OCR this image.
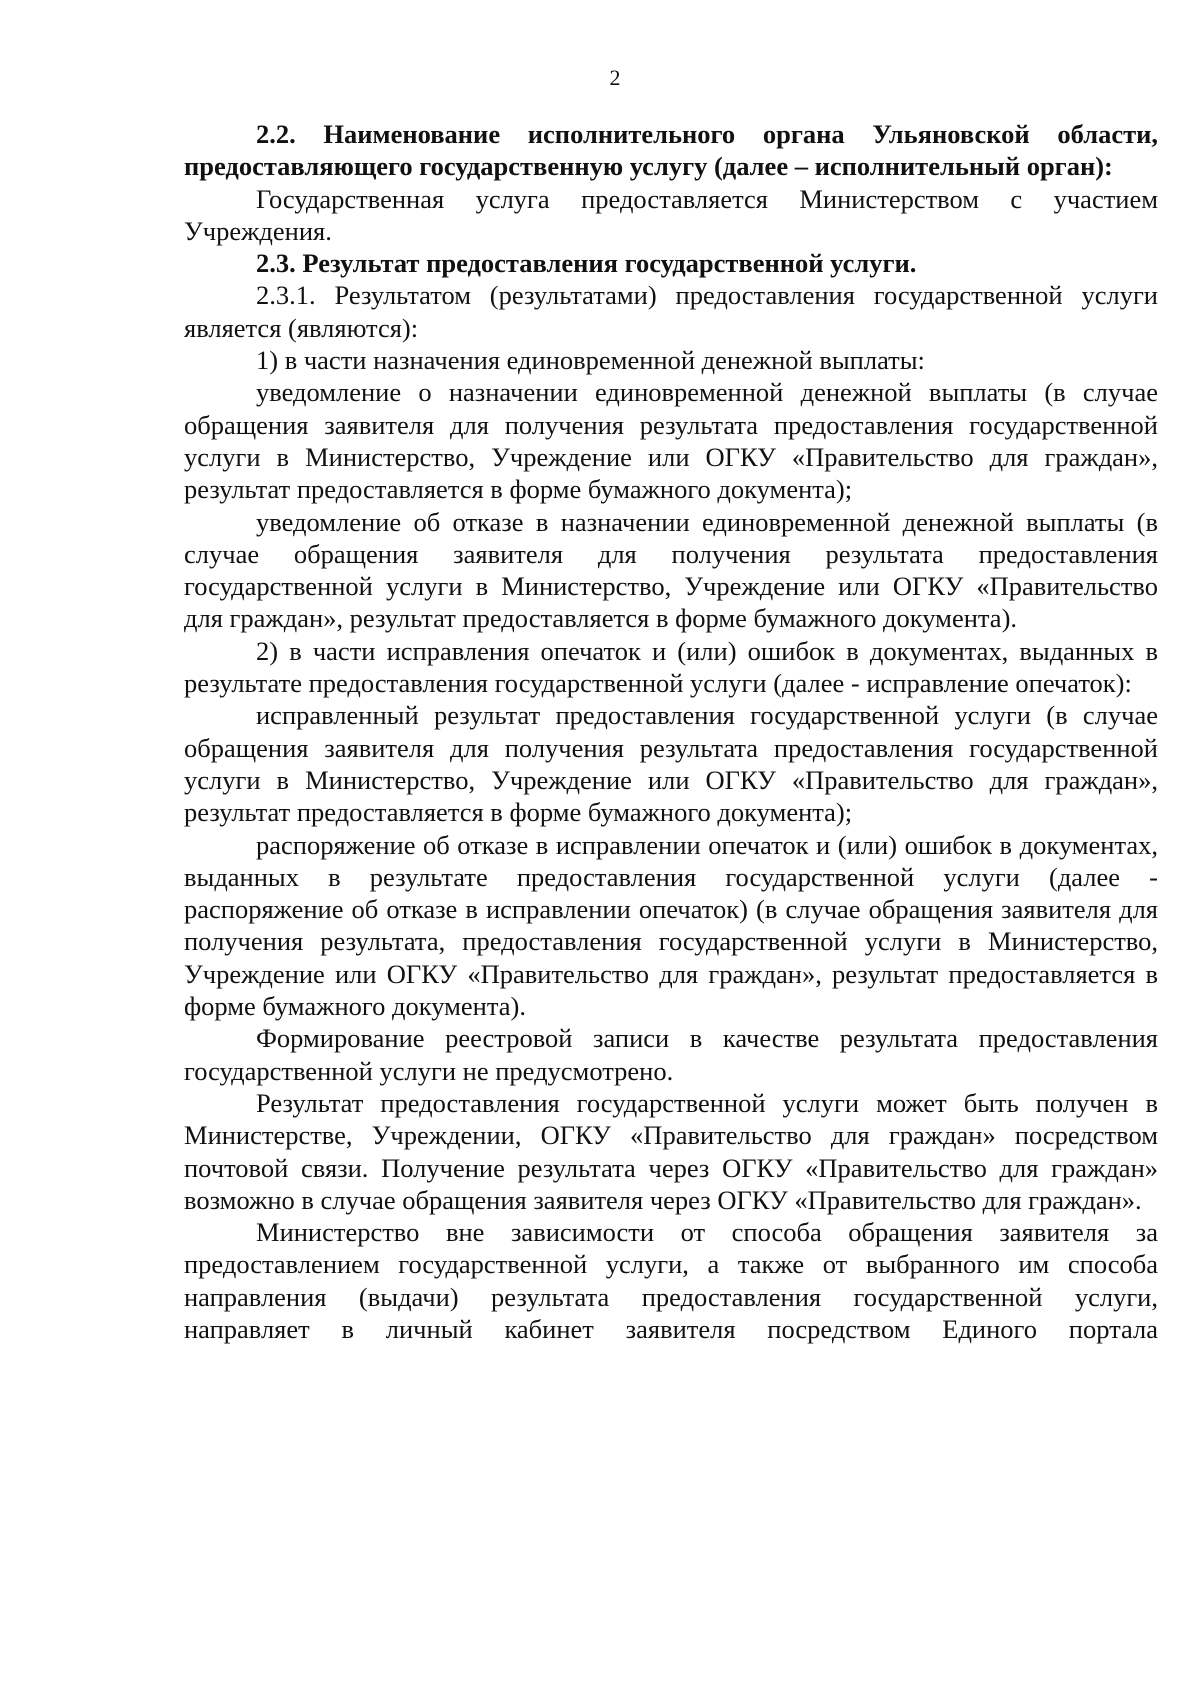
2

2.2. Наименование исполнительного органа Ульяновской области, предоставляющего государственную услугу (далее – исполнительный орган):

Государственная услуга предоставляется Министерством с участием Учреждения.

2.3. Результат предоставления государственной услуги.

2.3.1. Результатом (результатами) предоставления государственной услуги является (являются):

1) в части назначения единовременной денежной выплаты:

уведомление о назначении единовременной денежной выплаты (в случае обращения заявителя для получения результата предоставления государственной услуги в Министерство, Учреждение или ОГКУ «Правительство для граждан», результат предоставляется в форме бумажного документа);

уведомление об отказе в назначении единовременной денежной выплаты (в случае обращения заявителя для получения результата предоставления государственной услуги в Министерство, Учреждение или ОГКУ «Правительство для граждан», результат предоставляется в форме бумажного документа).

2) в части исправления опечаток и (или) ошибок в документах, выданных в результате предоставления государственной услуги (далее - исправление опечаток):

исправленный результат предоставления государственной услуги (в случае обращения заявителя для получения результата предоставления государственной услуги в Министерство, Учреждение или ОГКУ «Правительство для граждан», результат предоставляется в форме бумажного документа);

распоряжение об отказе в исправлении опечаток и (или) ошибок в документах, выданных в результате предоставления государственной услуги (далее - распоряжение об отказе в исправлении опечаток) (в случае обращения заявителя для получения результата, предоставления государственной услуги в Министерство, Учреждение или ОГКУ «Правительство для граждан», результат предоставляется в форме бумажного документа).

Формирование реестровой записи в качестве результата предоставления государственной услуги не предусмотрено.

Результат предоставления государственной услуги может быть получен в Министерстве, Учреждении, ОГКУ «Правительство для граждан» посредством почтовой связи. Получение результата через ОГКУ «Правительство для граждан» возможно в случае обращения заявителя через ОГКУ «Правительство для граждан».

Министерство вне зависимости от способа обращения заявителя за предоставлением государственной услуги, а также от выбранного им способа направления (выдачи) результата предоставления государственной услуги, направляет в личный кабинет заявителя посредством Единого портала
